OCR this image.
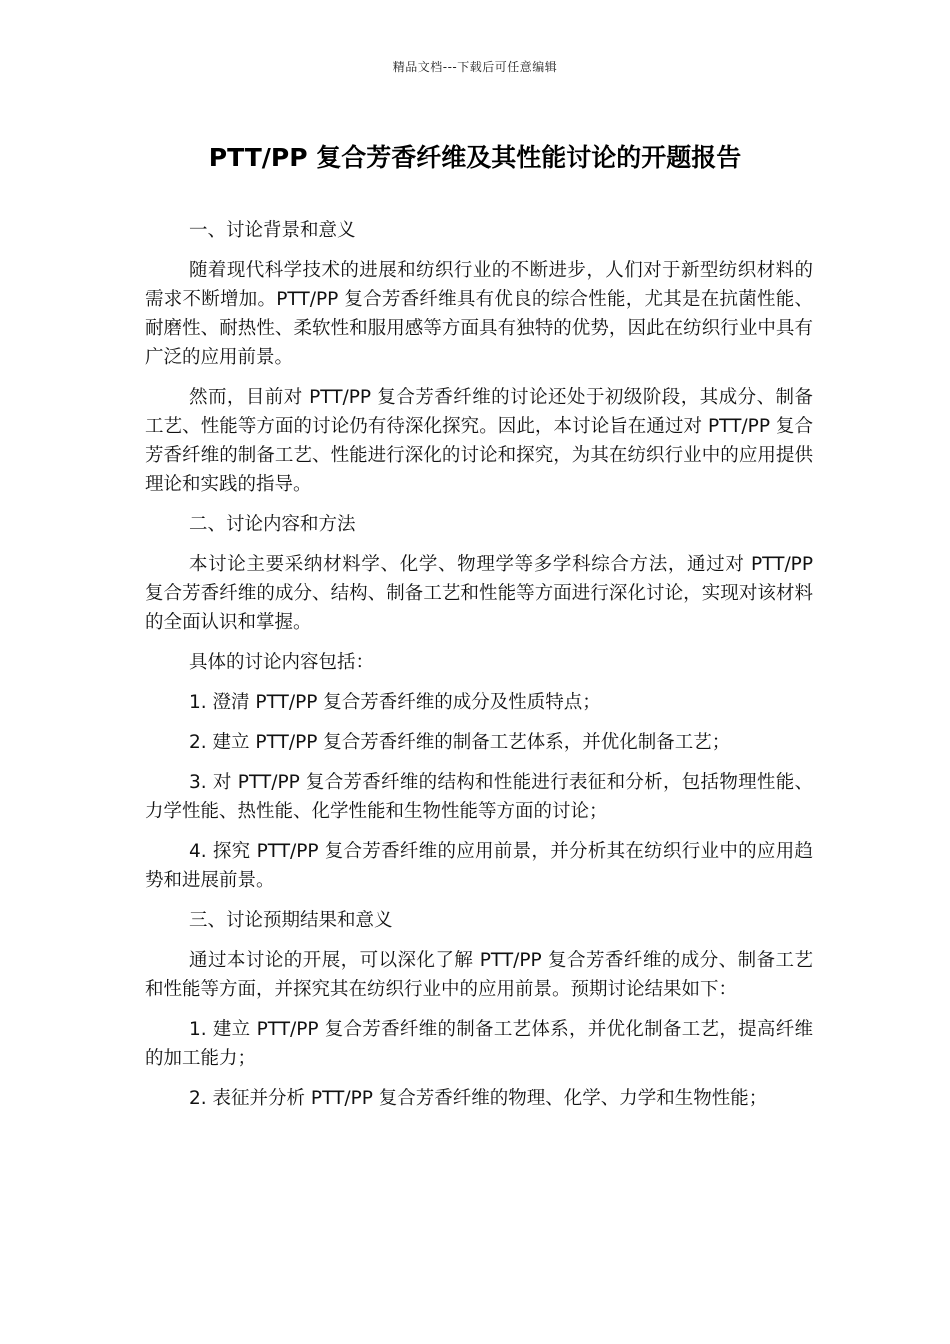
精品文档---下载后可任意编辑
PTT/PP 复合芳香纤维及其性能讨论的开题报告

一、讨论背景和意义

随着现代科学技术的进展和纺织行业的不断进步，人们对于新型纺织材料的需求不断增加。PTT/PP 复合芳香纤维具有优良的综合性能，尤其是在抗菌性能、耐磨性、耐热性、柔软性和服用感等方面具有独特的优势，因此在纺织行业中具有广泛的应用前景。

然而，目前对 PTT/PP 复合芳香纤维的讨论还处于初级阶段，其成分、制备工艺、性能等方面的讨论仍有待深化探究。因此，本讨论旨在通过对 PTT/PP 复合芳香纤维的制备工艺、性能进行深化的讨论和探究，为其在纺织行业中的应用提供理论和实践的指导。

二、讨论内容和方法

本讨论主要采纳材料学、化学、物理学等多学科综合方法，通过对 PTT/PP 复合芳香纤维的成分、结构、制备工艺和性能等方面进行深化讨论，实现对该材料的全面认识和掌握。

具体的讨论内容包括：

1. 澄清 PTT/PP 复合芳香纤维的成分及性质特点；

2. 建立 PTT/PP 复合芳香纤维的制备工艺体系，并优化制备工艺；

3. 对 PTT/PP 复合芳香纤维的结构和性能进行表征和分析，包括物理性能、力学性能、热性能、化学性能和生物性能等方面的讨论；

4. 探究 PTT/PP 复合芳香纤维的应用前景，并分析其在纺织行业中的应用趋势和进展前景。

三、讨论预期结果和意义

通过本讨论的开展，可以深化了解 PTT/PP 复合芳香纤维的成分、制备工艺和性能等方面，并探究其在纺织行业中的应用前景。预期讨论结果如下：

1. 建立 PTT/PP 复合芳香纤维的制备工艺体系，并优化制备工艺，提高纤维的加工能力；

2. 表征并分析 PTT/PP 复合芳香纤维的物理、化学、力学和生物性能；
